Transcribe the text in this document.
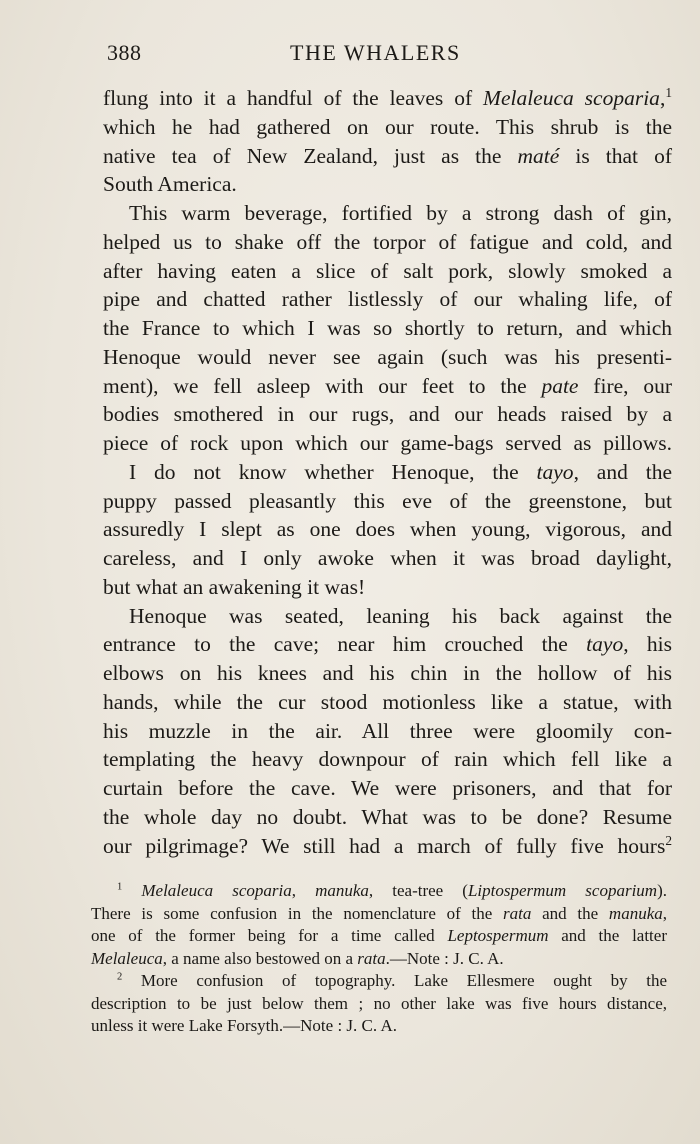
388	THE WHALERS
flung into it a handful of the leaves of Melaleuca scoparia,$^1$
which he had gathered on our route. This shrub is the
native tea of New Zealand, just as the maté is that of
South America.
This warm beverage, fortified by a strong dash of gin,
helped us to shake off the torpor of fatigue and cold, and
after having eaten a slice of salt pork, slowly smoked a
pipe and chatted rather listlessly of our whaling life, of
the France to which I was so shortly to return, and which
Henoque would never see again (such was his presenti-
ment), we fell asleep with our feet to the pate fire, our
bodies smothered in our rugs, and our heads raised by a
piece of rock upon which our game-bags served as pillows.
I do not know whether Henoque, the tayo, and the
puppy passed pleasantly this eve of the greenstone, but
assuredly I slept as one does when young, vigorous, and
careless, and I only awoke when it was broad daylight,
but what an awakening it was!
Henoque was seated, leaning his back against the
entrance to the cave; near him crouched the tayo, his
elbows on his knees and his chin in the hollow of his
hands, while the cur stood motionless like a statue, with
his muzzle in the air. All three were gloomily con-
templating the heavy downpour of rain which fell like a
curtain before the cave. We were prisoners, and that for
the whole day no doubt. What was to be done? Resume
our pilgrimage? We still had a march of fully five hours$^2$
$^1$ Melaleuca scoparia, manuka, tea-tree (Liptospermum scoparium).
There is some confusion in the nomenclature of the rata and the manuka,
one of the former being for a time called Leptospermum and the latter
Melaleuca, a name also bestowed on a rata.—Note : J. C. A.
$^2$ More confusion of topography. Lake Ellesmere ought by the
description to be just below them ; no other lake was five hours distance,
unless it were Lake Forsyth.—Note : J. C. A.
